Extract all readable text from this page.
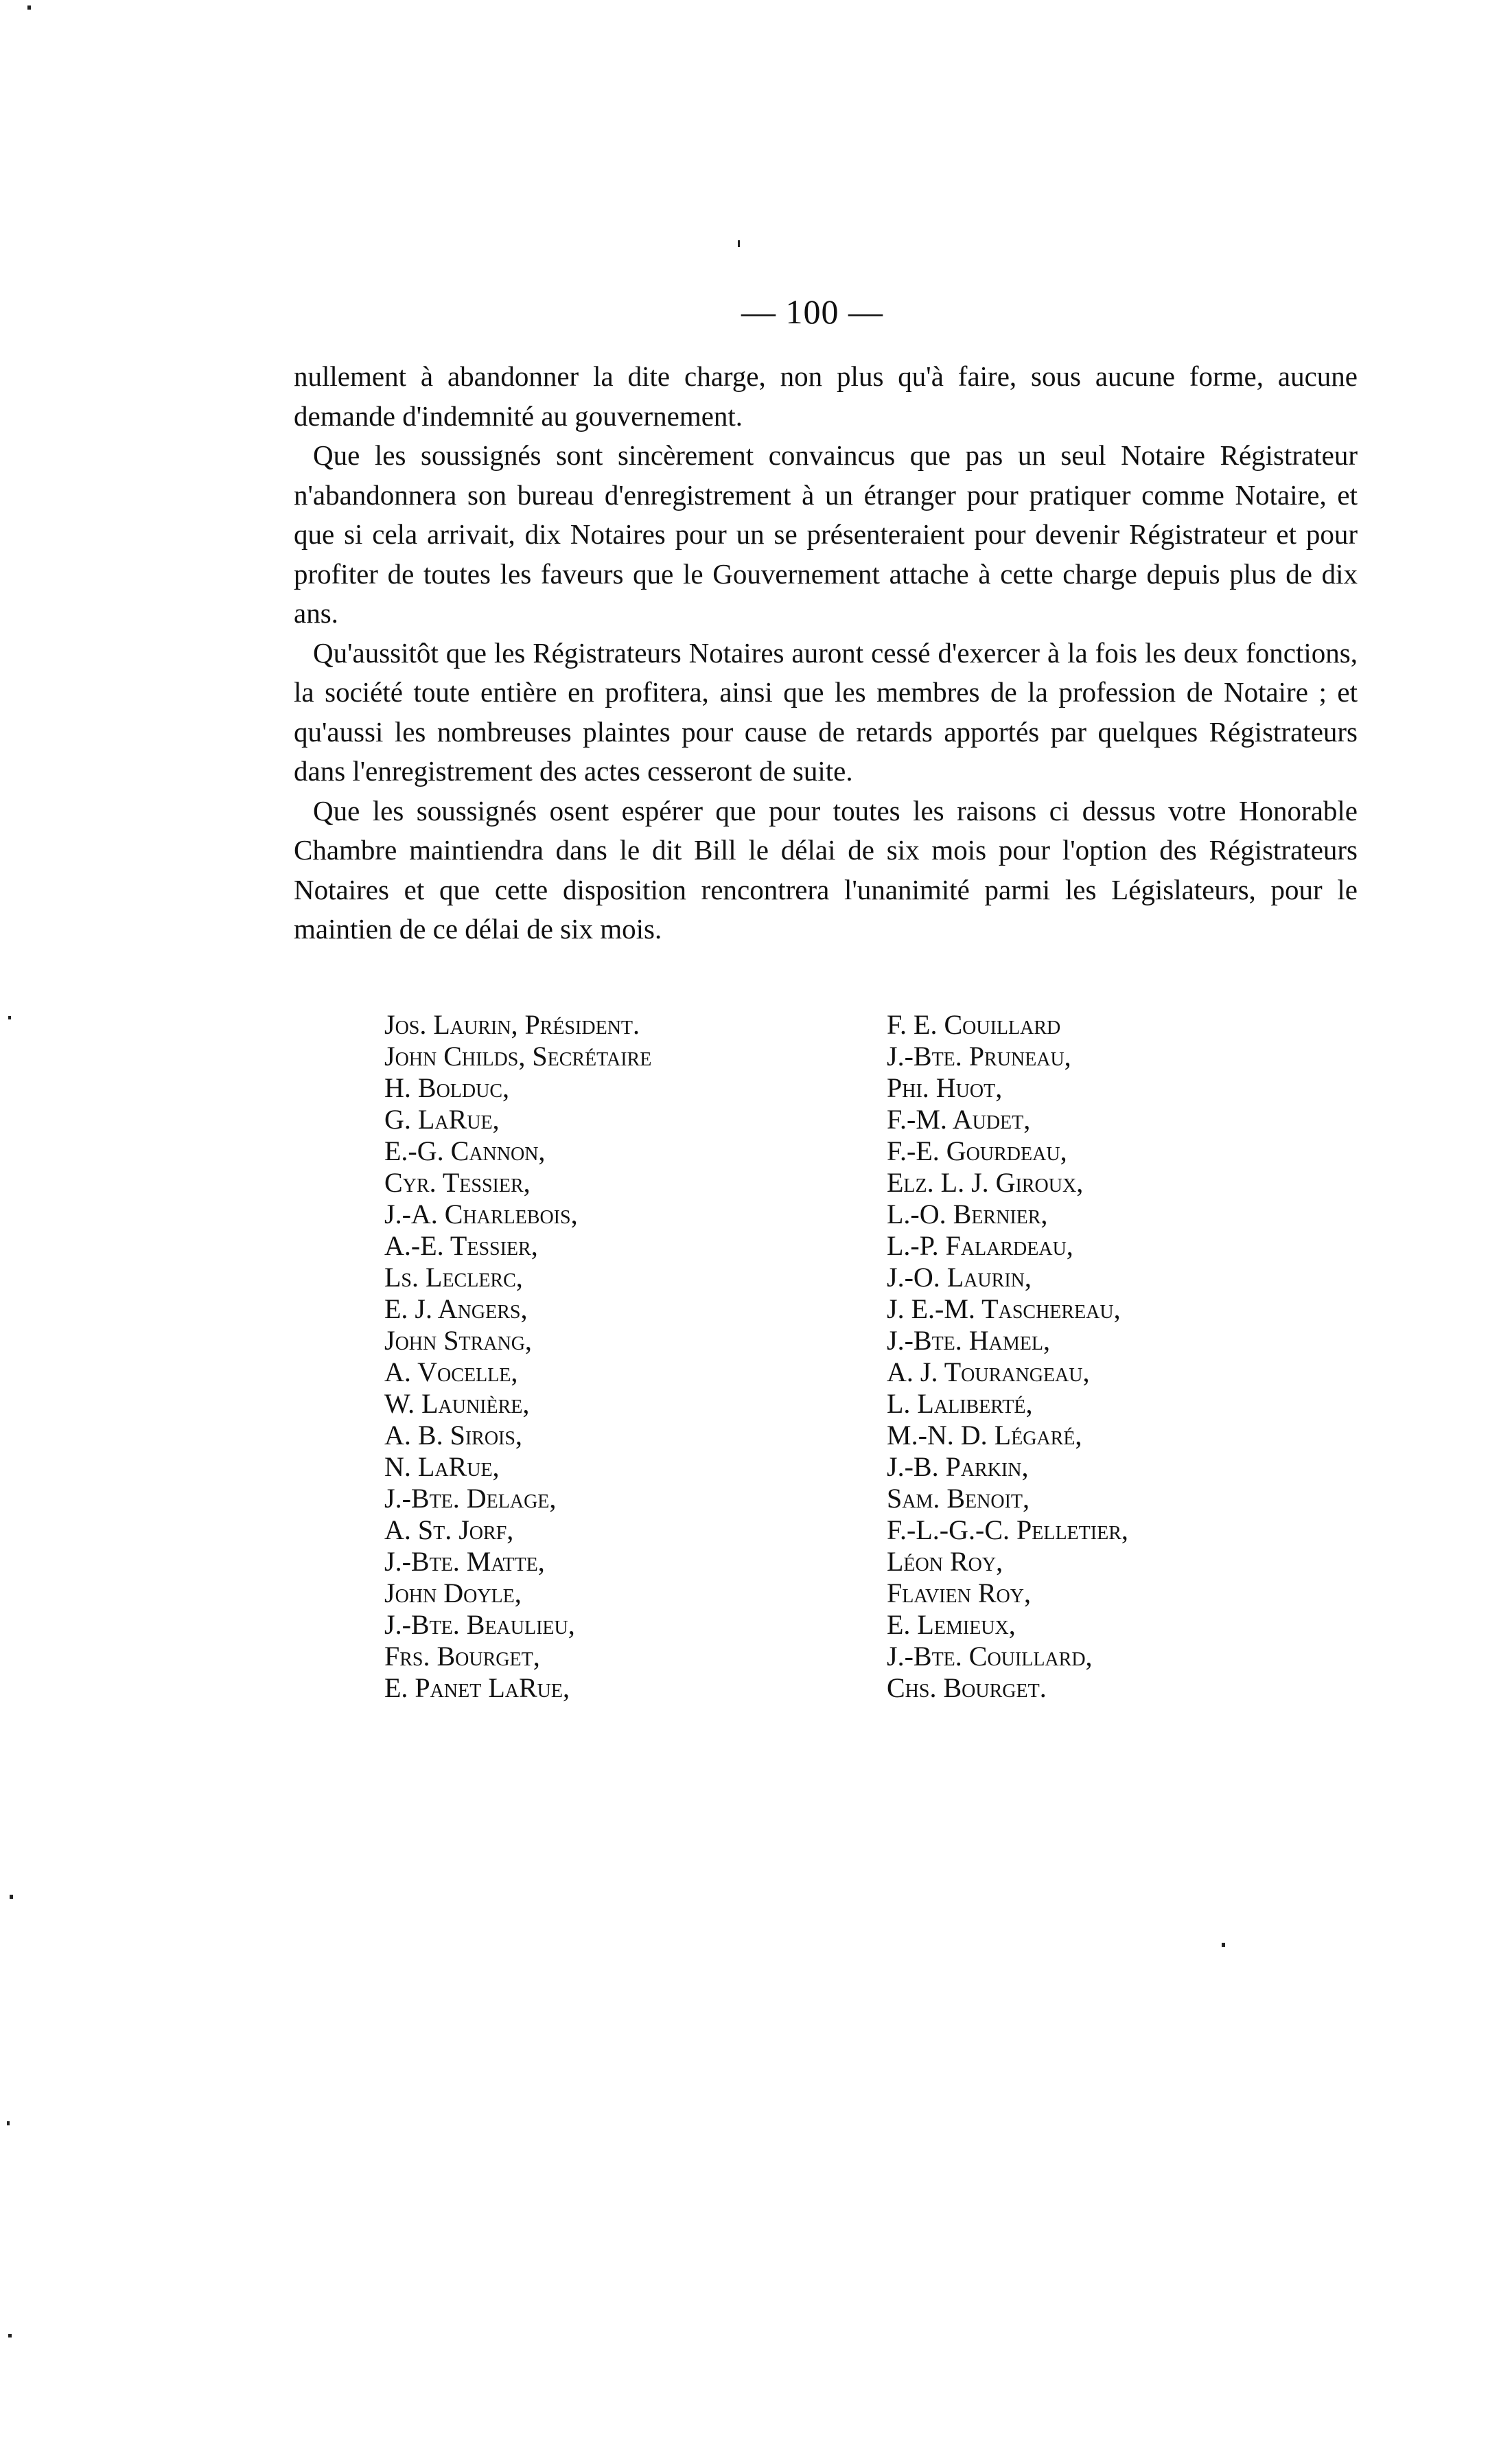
— 100 —

nullement à abandonner la dite charge, non plus qu'à faire, sous aucune forme, aucune demande d'indemnité au gouvernement.

Que les soussignés sont sincèrement convaincus que pas un seul Notaire Régistrateur n'abandonnera son bureau d'enregistrement à un étranger pour pratiquer comme Notaire, et que si cela arrivait, dix Notaires pour un se présenteraient pour devenir Régistrateur et pour profiter de toutes les faveurs que le Gouvernement attache à cette charge depuis plus de dix ans.

Qu'aussitôt que les Régistrateurs Notaires auront cessé d'exercer à la fois les deux fonctions, la société toute entière en profitera, ainsi que les membres de la profession de Notaire ; et qu'aussi les nombreuses plaintes pour cause de retards apportés par quelques Régistrateurs dans l'enregistrement des actes cesseront de suite.

Que les soussignés osent espérer que pour toutes les raisons ci dessus votre Honorable Chambre maintiendra dans le dit Bill le délai de six mois pour l'option des Régistrateurs Notaires et que cette disposition rencontrera l'unanimité parmi les Législateurs, pour le maintien de ce délai de six mois.

Jos. Laurin, Président.
John Childs, Secrétaire
H. Bolduc,
G. LaRue,
E.-G. Cannon,
Cyr. Tessier,
J.-A. Charlebois,
A.-E. Tessier,
Ls. Leclerc,
E. J. Angers,
John Strang,
A. Vocelle,
W. Launière,
A. B. Sirois,
N. LaRue,
J.-Bte. Delage,
A. St. Jorf,
J.-Bte. Matte,
John Doyle,
J.-Bte. Beaulieu,
Frs. Bourget,
E. Panet LaRue,
F. E. Couillard
J.-Bte. Pruneau,
Phi. Huot,
F.-M. Audet,
F.-E. Gourdeau,
Elz. L. J. Giroux,
L.-O. Bernier,
L.-P. Falardeau,
J.-O. Laurin,
J. E.-M. Taschereau,
J.-Bte. Hamel,
A. J. Tourangeau,
L. Laliberté,
M.-N. D. Légaré,
J.-B. Parkin,
Sam. Benoit,
F.-L.-G.-C. Pelletier,
Léon Roy,
Flavien Roy,
E. Lemieux,
J.-Bte. Couillard,
Chs. Bourget.
